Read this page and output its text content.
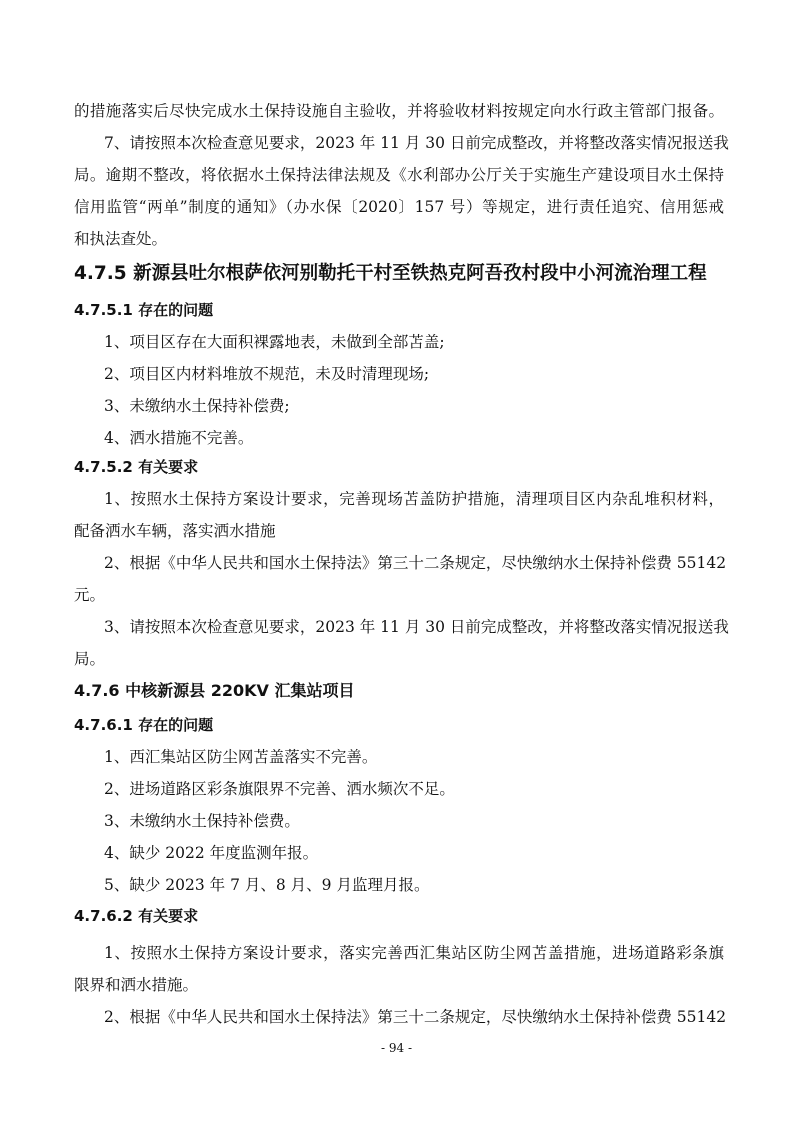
的措施落实后尽快完成水土保持设施自主验收，并将验收材料按规定向水行政主管部门报备。
7、请按照本次检查意见要求，2023 年 11 月 30 日前完成整改，并将整改落实情况报送我
局。逾期不整改，将依据水土保持法律法规及《水利部办公厅关于实施生产建设项目水土保持
信用监管“两单”制度的通知》（办水保〔2020〕157 号）等规定，进行责任追究、信用惩戒
和执法查处。
4.7.5 新源县吐尔根萨依河别勒托干村至铁热克阿吾孜村段中小河流治理工程
4.7.5.1 存在的问题
1、项目区存在大面积裸露地表，未做到全部苫盖;
2、项目区内材料堆放不规范，未及时清理现场;
3、未缴纳水土保持补偿费;
4、洒水措施不完善。
4.7.5.2 有关要求
1、按照水土保持方案设计要求，完善现场苫盖防护措施，清理项目区内杂乱堆积材料，
配备洒水车辆，落实洒水措施
2、根据《中华人民共和国水土保持法》第三十二条规定，尽快缴纳水土保持补偿费 55142
元。
3、请按照本次检查意见要求，2023 年 11 月 30 日前完成整改，并将整改落实情况报送我
局。
4.7.6 中核新源县 220KV 汇集站项目
4.7.6.1 存在的问题
1、西汇集站区防尘网苫盖落实不完善。
2、进场道路区彩条旗限界不完善、洒水频次不足。
3、未缴纳水土保持补偿费。
4、缺少 2022 年度监测年报。
5、缺少 2023 年 7 月、8 月、9 月监理月报。
4.7.6.2 有关要求
1、按照水土保持方案设计要求，落实完善西汇集站区防尘网苫盖措施，进场道路彩条旗
限界和洒水措施。
2、根据《中华人民共和国水土保持法》第三十二条规定，尽快缴纳水土保持补偿费 55142
- 94 -
